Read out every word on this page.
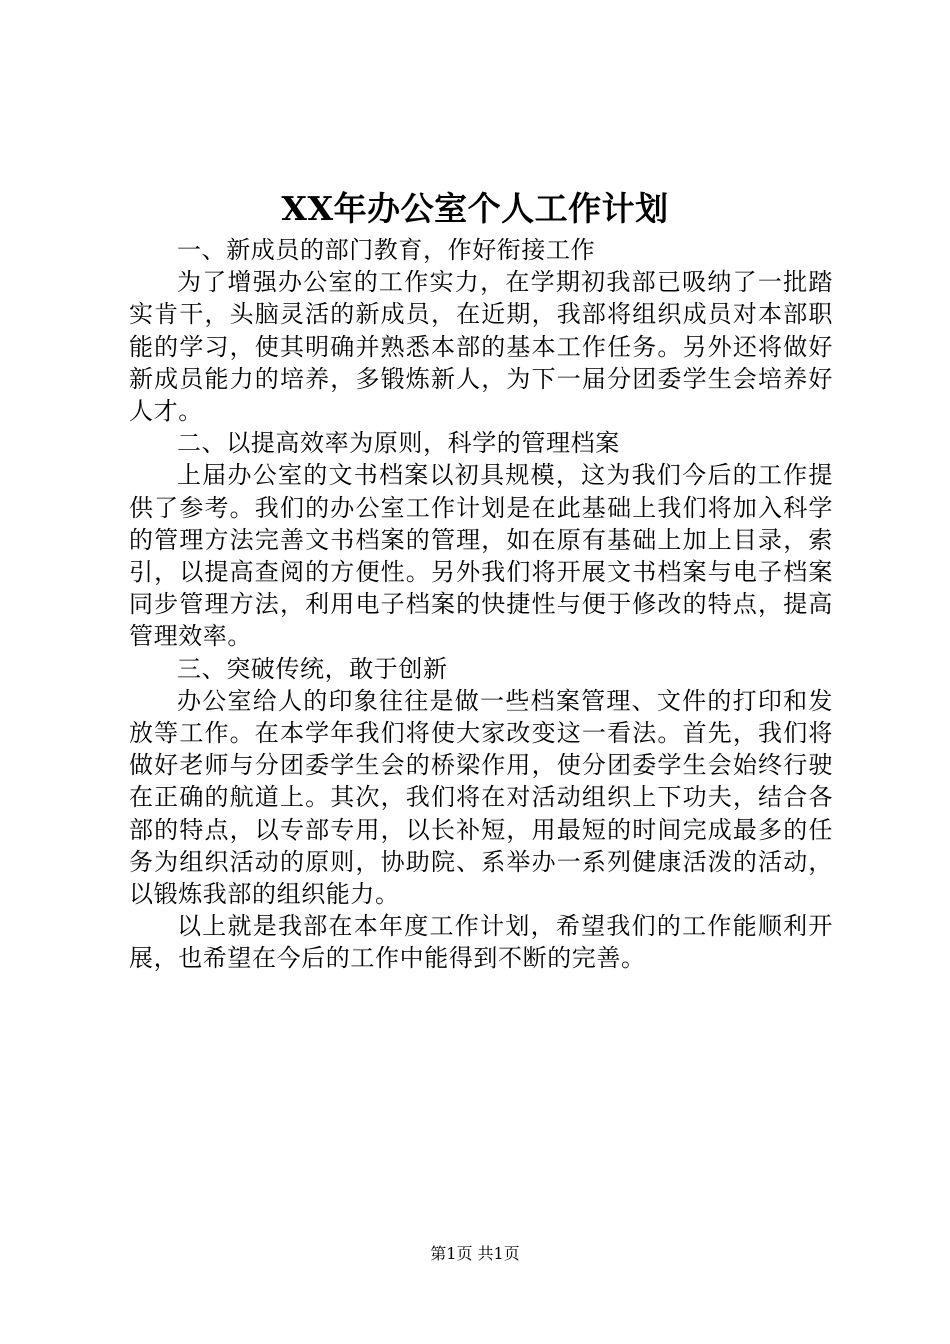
XX年办公室个人工作计划

一、新成员的部门教育，作好衔接工作

为了增强办公室的工作实力，在学期初我部已吸纳了一批踏实肯干，头脑灵活的新成员，在近期，我部将组织成员对本部职能的学习，使其明确并熟悉本部的基本工作任务。另外还将做好新成员能力的培养，多锻炼新人，为下一届分团委学生会培养好人才。

二、以提高效率为原则，科学的管理档案

上届办公室的文书档案以初具规模，这为我们今后的工作提供了参考。我们的办公室工作计划是在此基础上我们将加入科学的管理方法完善文书档案的管理，如在原有基础上加上目录，索引，以提高查阅的方便性。另外我们将开展文书档案与电子档案同步管理方法，利用电子档案的快捷性与便于修改的特点，提高管理效率。

三、突破传统，敢于创新

办公室给人的印象往往是做一些档案管理、文件的打印和发放等工作。在本学年我们将使大家改变这一看法。首先，我们将做好老师与分团委学生会的桥梁作用，使分团委学生会始终行驶在正确的航道上。其次，我们将在对活动组织上下功夫，结合各部的特点，以专部专用，以长补短，用最短的时间完成最多的任务为组织活动的原则，协助院、系举办一系列健康活泼的活动，以锻炼我部的组织能力。

以上就是我部在本年度工作计划，希望我们的工作能顺利开展，也希望在今后的工作中能得到不断的完善。

第1页 共1页
